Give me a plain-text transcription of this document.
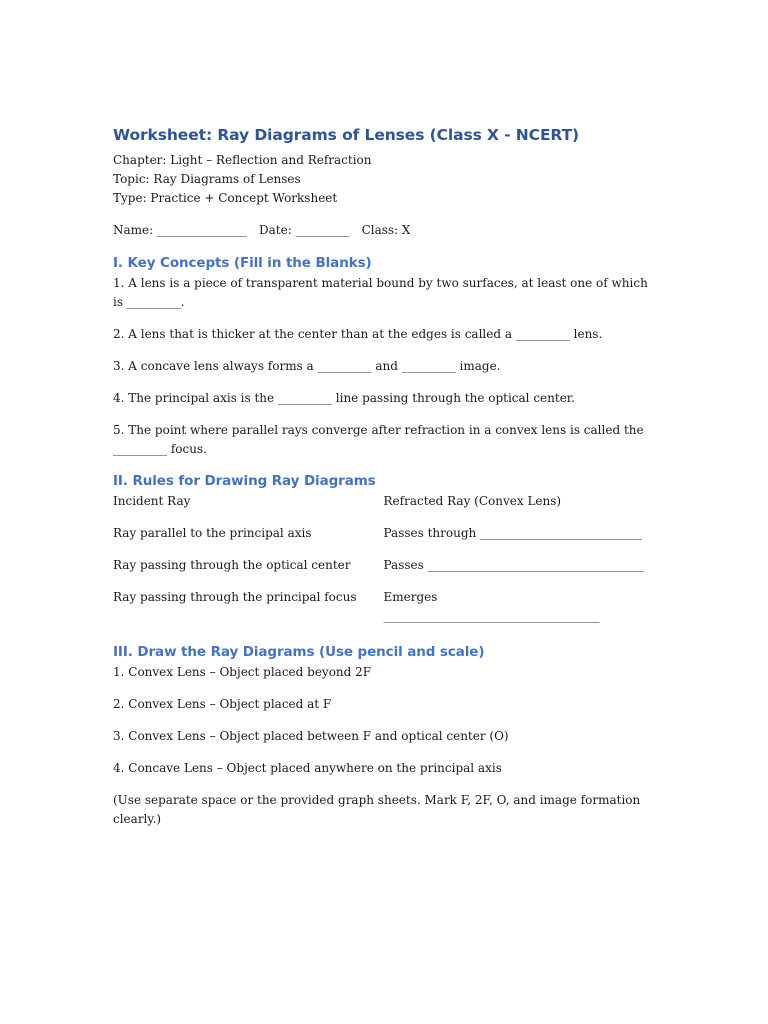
Worksheet: Ray Diagrams of Lenses (Class X - NCERT)
Chapter: Light – Reflection and Refraction
Topic: Ray Diagrams of Lenses
Type: Practice + Concept Worksheet
Name: _______________ Date: _________ Class: X
I. Key Concepts (Fill in the Blanks)

1. A lens is a piece of transparent material bound by two surfaces, at least one of which is _________.

2. A lens that is thicker at the center than at the edges is called a _________ lens.

3. A concave lens always forms a _________ and _________ image.

4. The principal axis is the _________ line passing through the optical center.

5. The point where parallel rays converge after refraction in a convex lens is called the _________ focus.

II. Rules for Drawing Ray Diagrams
Incident Ray	Refracted Ray (Convex Lens)
Ray parallel to the principal axis	Passes through ___________________________
Ray passing through the optical center	Passes ____________________________________
Ray passing through the principal focus	Emerges ____________________________________
III. Draw the Ray Diagrams (Use pencil and scale)

1. Convex Lens – Object placed beyond 2F

2. Convex Lens – Object placed at F

3. Convex Lens – Object placed between F and optical center (O)

4. Concave Lens – Object placed anywhere on the principal axis

(Use separate space or the provided graph sheets. Mark F, 2F, O, and image formation clearly.)
